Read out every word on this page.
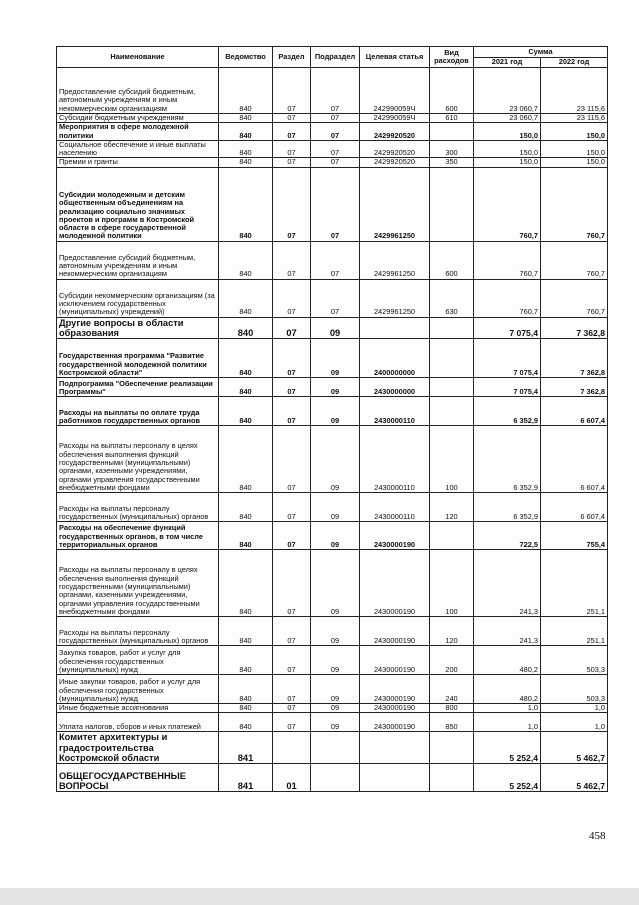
Наименование	Ведомство	Раздел	Подраздел	Целевая статья	Вид расходов	Сумма	
						2021 год	2022 год
Предоставление субсидий бюджетным, автономным учреждениям и иным некоммерческим организациям	840	07	07	242990059Ч	600	23 060,7	23 115,6
Субсидии бюджетным учреждениям	840	07	07	242990059Ч	610	23 060,7	23 115,6
Мероприятия в сфере молодежной политики	840	07	07	2429920520		150,0	150,0
Социальное обеспечение и иные выплаты населению	840	07	07	2429920520	300	150,0	150,0
Премии и гранты	840	07	07	2429920520	350	150,0	150,0
Субсидии молодежным и детским общественным объединениям на реализацию социально значимых проектов и программ в Костромской области в сфере государственной молодежной политики	840	07	07	2429961250		760,7	760,7
Предоставление субсидий бюджетным, автономным учреждениям и иным некоммерческим организациям	840	07	07	2429961250	600	760,7	760,7
Субсидии некоммерческим организациям (за исключением государственных (муниципальных) учреждений)	840	07	07	2429961250	630	760,7	760,7
Другие вопросы в области образования	840	07	09			7 075,4	7 362,8
Государственная программа "Развитие государственной молодежной политики Костромской области"	840	07	09	2400000000		7 075,4	7 362,8
Подпрограмма "Обеспечение реализации Программы"	840	07	09	2430000000		7 075,4	7 362,8
Расходы на выплаты по оплате труда работников государственных органов	840	07	09	2430000110		6 352,9	6 607,4
Расходы на выплаты персоналу в целях обеспечения выполнения функций государственными (муниципальными) органами, казенными учреждениями, органами управления государственными внебюджетными фондами	840	07	09	2430000110	100	6 352,9	6 607,4
Расходы на выплаты персоналу государственных (муниципальных) органов	840	07	09	2430000110	120	6 352,9	6 607,4
Расходы на обеспечение функций государственных органов, в том числе территориальных органов	840	07	09	2430000190		722,5	755,4
Расходы на выплаты персоналу в целях обеспечения выполнения функций государственными (муниципальными) органами, казенными учреждениями, органами управления государственными внебюджетными фондами	840	07	09	2430000190	100	241,3	251,1
Расходы на выплаты персоналу государственных (муниципальных) органов	840	07	09	2430000190	120	241,3	251,1
Закупка товаров, работ и услуг для обеспечения государственных (муниципальных) нужд	840	07	09	2430000190	200	480,2	503,3
Иные закупки товаров, работ и услуг для обеспечения государственных (муниципальных) нужд	840	07	09	2430000190	240	480,2	503,3
Иные бюджетные ассигнования	840	07	09	2430000190	800	1,0	1,0
Уплата налогов, сборов и иных платежей	840	07	09	2430000190	850	1,0	1,0
Комитет архитектуры и градостроительства Костромской области	841					5 252,4	5 462,7
ОБЩЕГОСУДАРСТВЕННЫЕ ВОПРОСЫ	841	01				5 252,4	5 462,7
458
